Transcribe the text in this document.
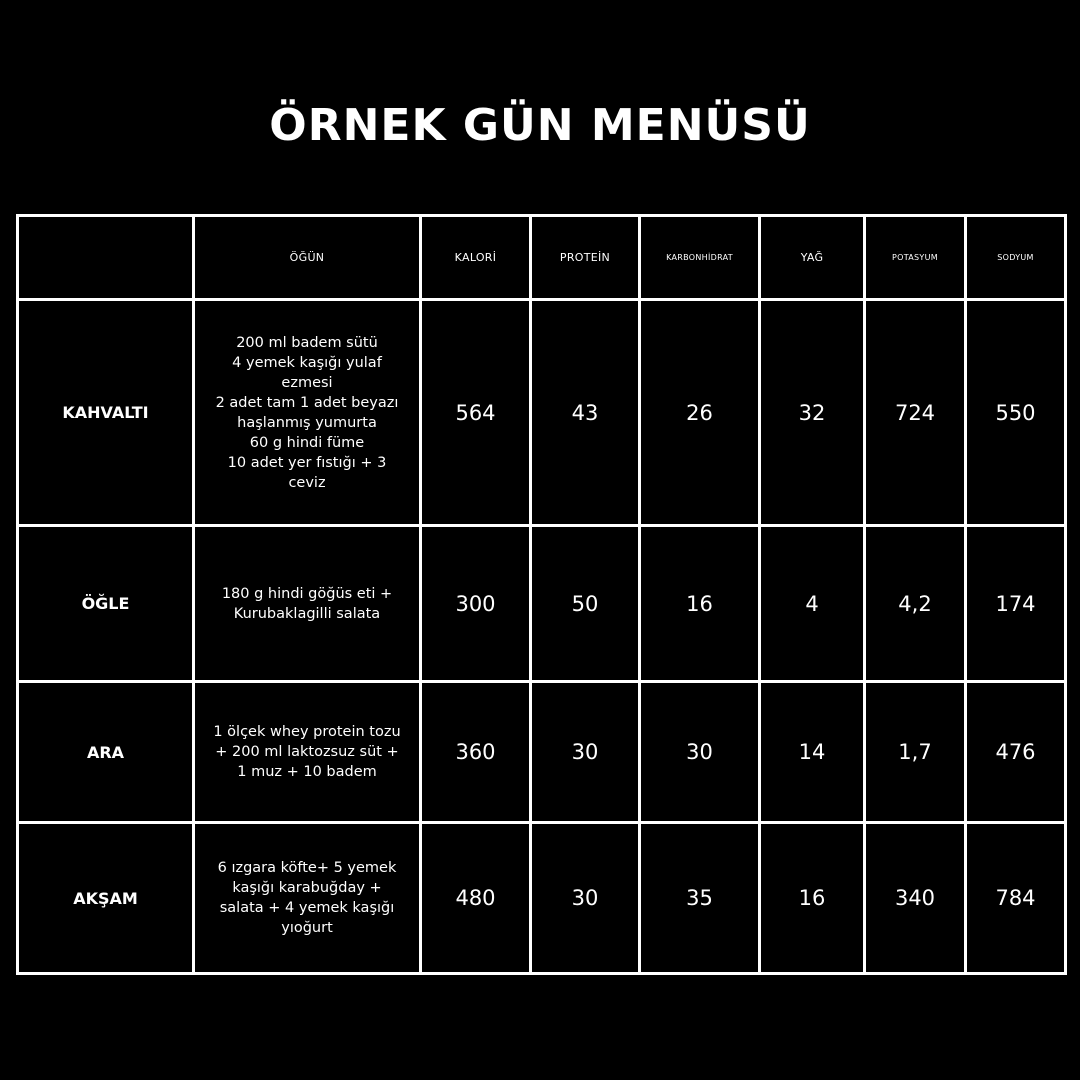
ÖRNEK GÜN MENÜSÜ
	ÖĞÜN	KALORİ	PROTEİN	KARBONHİDRAT	YAĞ	POTASYUM	SODYUM
KAHVALTI	200 ml badem sütü
4 yemek kaşığı yulaf ezmesi
2 adet tam 1 adet beyazı haşlanmış yumurta
60 g hindi füme
10 adet yer fıstığı + 3 ceviz	564	43	26	32	724	550
ÖĞLE	180 g hindi göğüs eti + Kurubaklagilli salata	300	50	16	4	4,2	174
ARA	1 ölçek whey protein tozu + 200 ml laktozsuz süt + 1 muz + 10 badem	360	30	30	14	1,7	476
AKŞAM	6 ızgara köfte+ 5 yemek kaşığı karabuğday + salata + 4 yemek kaşığı yıoğurt	480	30	35	16	340	784
